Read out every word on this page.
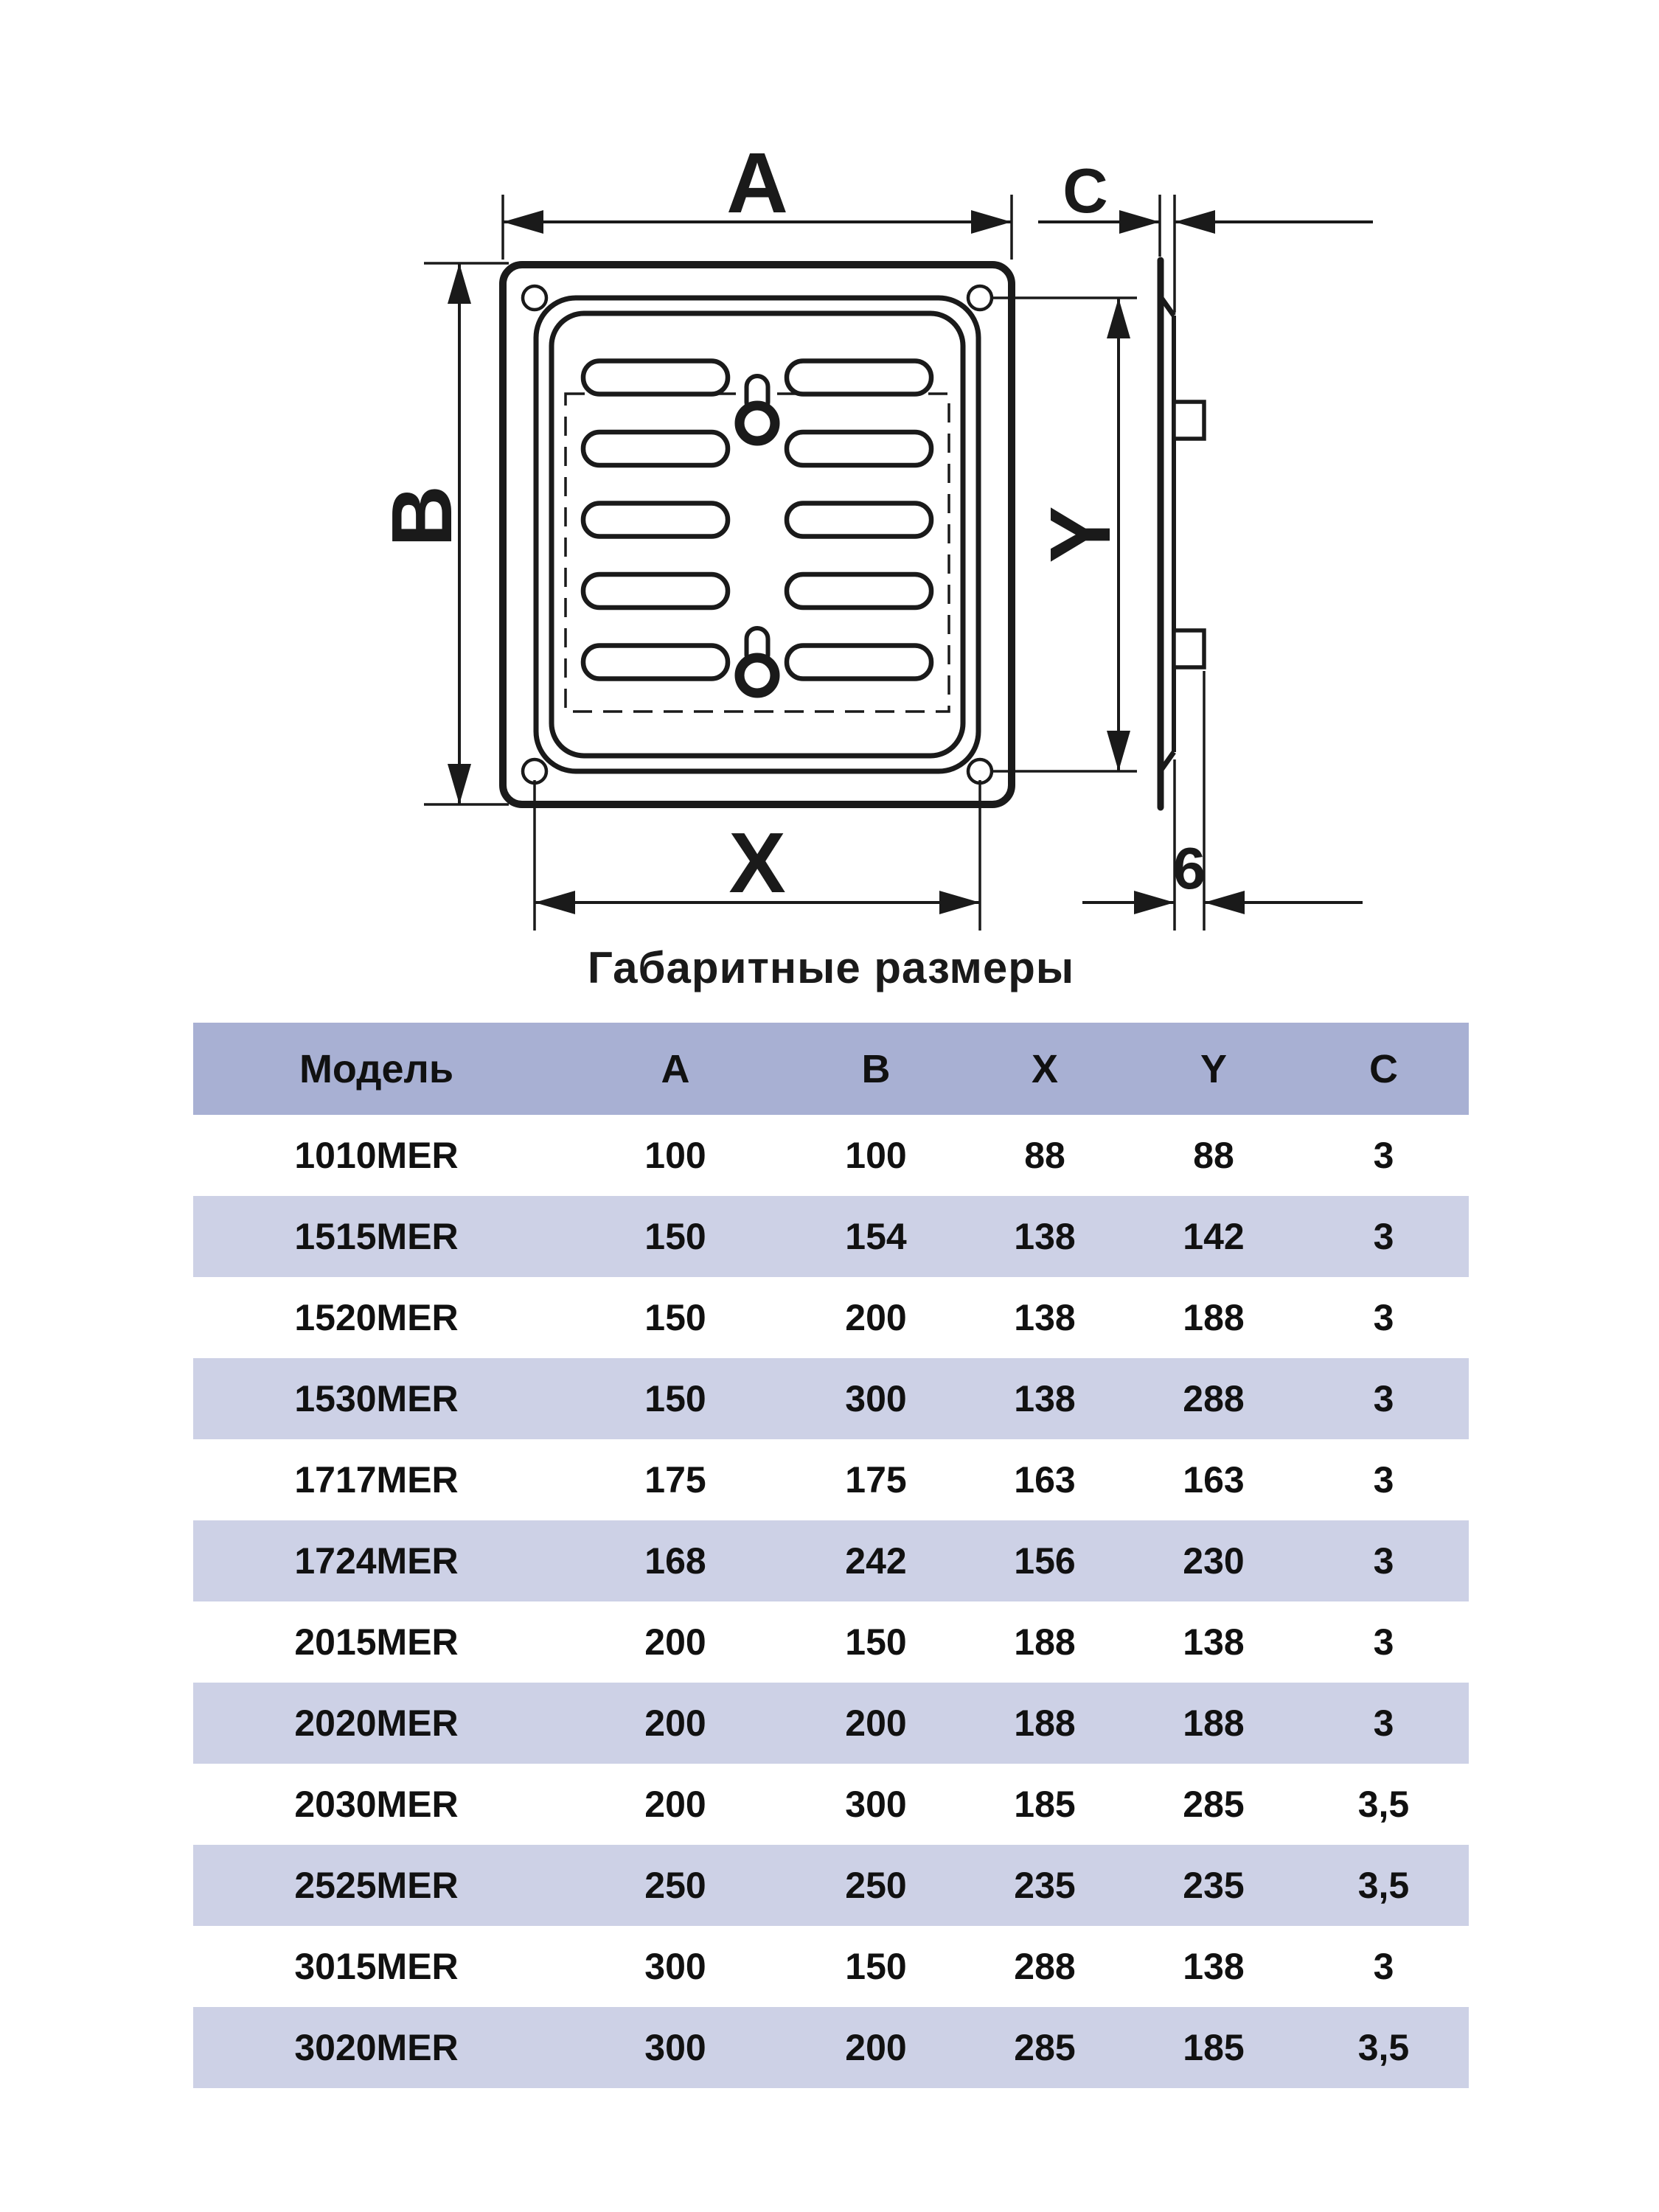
A	C
B	Y
X	6
Габаритные размеры
Модель	A	B	X	Y	C
1010MER	100	100	88	88	3
1515MER	150	154	138	142	3
1520MER	150	200	138	188	3
1530MER	150	300	138	288	3
1717MER	175	175	163	163	3
1724MER	168	242	156	230	3
2015MER	200	150	188	138	3
2020MER	200	200	188	188	3
2030MER	200	300	185	285	3,5
2525MER	250	250	235	235	3,5
3015MER	300	150	288	138	3
3020MER	300	200	285	185	3,5
